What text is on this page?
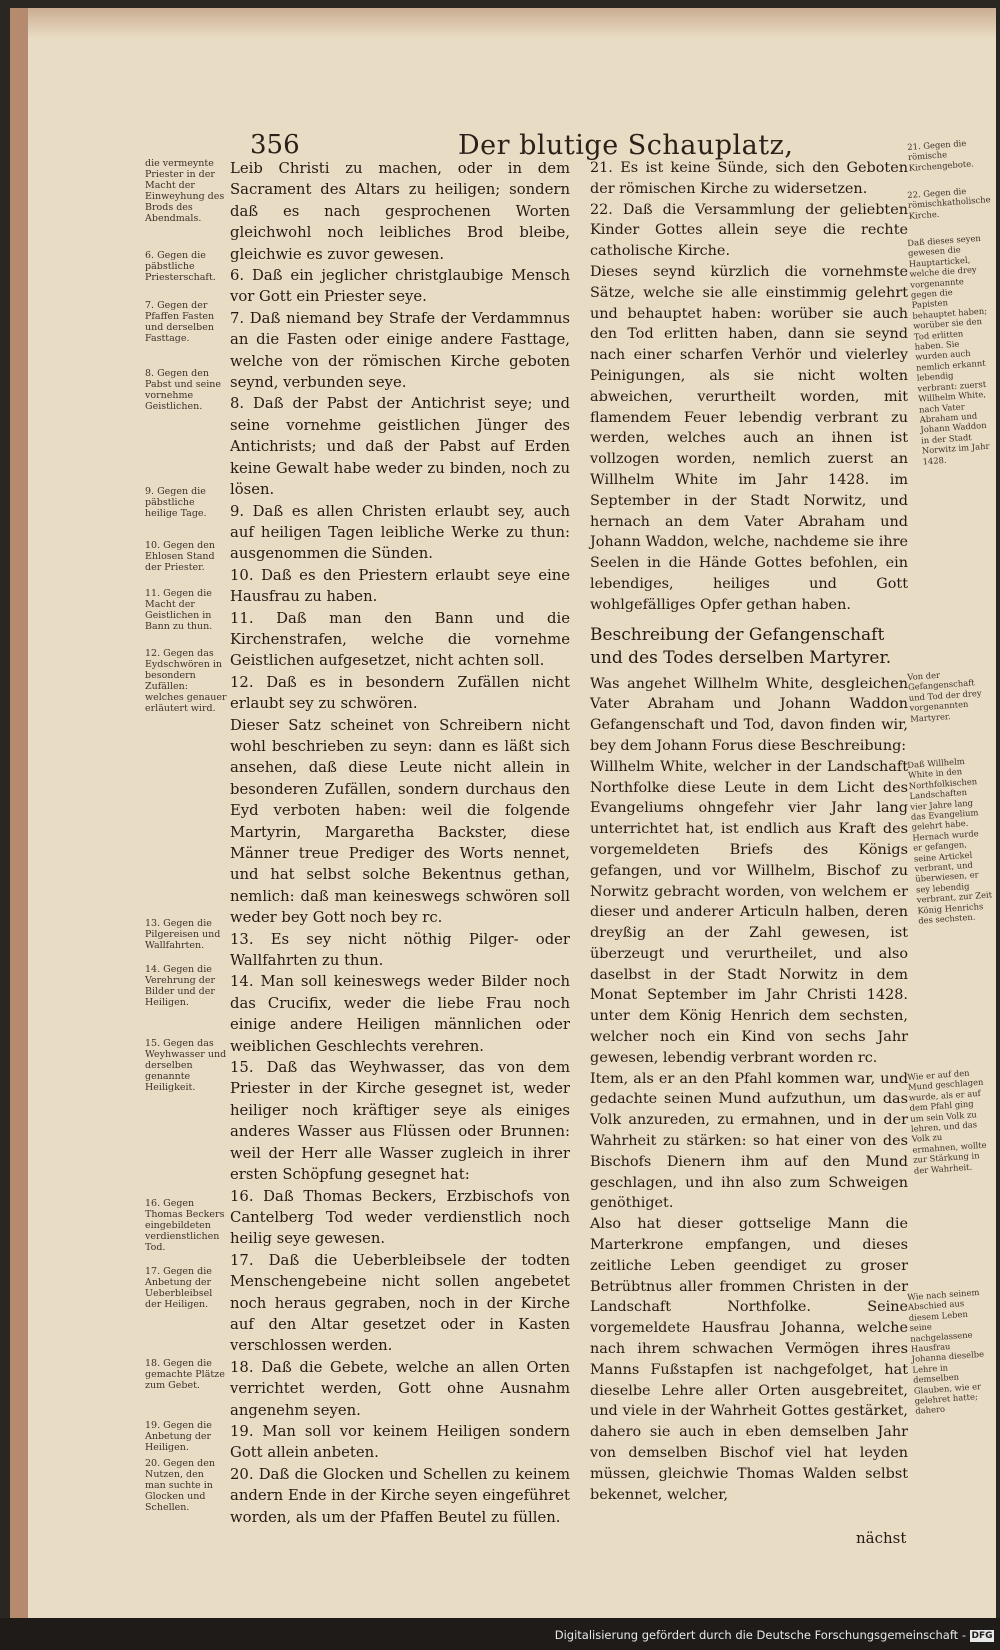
356	Der blutige Schauplatz,
die vermeynte Priester in der Macht der Einweyhung des Brods des Abendmals.
6. Gegen die päbstliche Priesterschaft.
7. Gegen der Pfaffen Fasten und derselben Fasttage.
8. Gegen den Pabst und seine vornehme Geistlichen.
9. Gegen die päbstliche heilige Tage.
10. Gegen den Ehlosen Stand der Priester.
11. Gegen die Macht der Geistlichen in Bann zu thun.
12. Gegen das Eydschwören in besondern Zufällen: welches genauer erläutert wird.
13. Gegen die Pilgereisen und Wallfahrten.
14. Gegen die Verehrung der Bilder und der Heiligen.
15. Gegen das Weyhwasser und derselben genannte Heiligkeit.
16. Gegen Thomas Beckers eingebildeten verdienstlichen Tod.
17. Gegen die Anbetung der Ueberbleibsel der Heiligen.
18. Gegen die gemachte Plätze zum Gebet.
19. Gegen die Anbetung der Heiligen.
20. Gegen den Nutzen, den man suchte in Glocken und Schellen.
21. Gegen die römische Kirchengebote.
22. Gegen die römischkatholische Kirche.
Daß dieses seyen gewesen die Hauptartickel, welche die drey vorgenannte gegen die Papisten behauptet haben; worüber sie den Tod erlitten haben. Sie wurden auch nemlich erkannt lebendig verbrant: zuerst Willhelm White, nach Vater Abraham und Johann Waddon in der Stadt Norwitz im Jahr 1428.
Von der Gefangenschaft und Tod der drey vorgenannten Martyrer.
Daß Willhelm White in den Northfolkischen Landschaften vier Jahre lang das Evangelium gelehrt habe. Hernach wurde er gefangen, seine Artickel verbrant, und überwiesen, er sey lebendig verbrant, zur Zeit König Henrichs des sechsten.
Wie er auf den Mund geschlagen wurde, als er auf dem Pfahl ging um sein Volk zu lehren, und das Volk zu ermahnen, wollte zur Stärkung in der Wahrheit.
Wie nach seinem Abschied aus diesem Leben seine nachgelassene Hausfrau Johanna dieselbe Lehre in demselben Glauben, wie er gelehret hatte; dahero

Leib Christi zu machen, oder in dem Sacrament des Altars zu heiligen; sondern daß es nach gesprochenen Worten gleichwohl noch leibliches Brod bleibe, gleichwie es zuvor gewesen.

6. Daß ein jeglicher christglaubige Mensch vor Gott ein Priester seye.

7. Daß niemand bey Strafe der Verdammnus an die Fasten oder einige andere Fasttage, welche von der römischen Kirche geboten seynd, verbunden seye.

8. Daß der Pabst der Antichrist seye; und seine vornehme geistlichen Jünger des Antichrists; und daß der Pabst auf Erden keine Gewalt habe weder zu binden, noch zu lösen.

9. Daß es allen Christen erlaubt sey, auch auf heiligen Tagen leibliche Werke zu thun: ausgenommen die Sünden.

10. Daß es den Priestern erlaubt seye eine Hausfrau zu haben.

11. Daß man den Bann und die Kirchenstrafen, welche die vornehme Geistlichen aufgesetzet, nicht achten soll.

12. Daß es in besondern Zufällen nicht erlaubt sey zu schwören.

Dieser Satz scheinet von Schreibern nicht wohl beschrieben zu seyn: dann es läßt sich ansehen, daß diese Leute nicht allein in besonderen Zufällen, sondern durchaus den Eyd verboten haben: weil die folgende Martyrin, Margaretha Backster, diese Männer treue Prediger des Worts nennet, und hat selbst solche Bekentnus gethan, nemlich: daß man keineswegs schwören soll weder bey Gott noch bey rc.

13. Es sey nicht nöthig Pilger- oder Wallfahrten zu thun.

14. Man soll keineswegs weder Bilder noch das Crucifix, weder die liebe Frau noch einige andere Heiligen männlichen oder weiblichen Geschlechts verehren.

15. Daß das Weyhwasser, das von dem Priester in der Kirche gesegnet ist, weder heiliger noch kräftiger seye als einiges anderes Wasser aus Flüssen oder Brunnen: weil der Herr alle Wasser zugleich in ihrer ersten Schöpfung gesegnet hat:

16. Daß Thomas Beckers, Erzbischofs von Cantelberg Tod weder verdienstlich noch heilig seye gewesen.

17. Daß die Ueberbleibsele der todten Menschengebeine nicht sollen angebetet noch heraus gegraben, noch in der Kirche auf den Altar gesetzet oder in Kasten verschlossen werden.

18. Daß die Gebete, welche an allen Orten verrichtet werden, Gott ohne Ausnahm angenehm seyen.

19. Man soll vor keinem Heiligen sondern Gott allein anbeten.

20. Daß die Glocken und Schellen zu keinem andern Ende in der Kirche seyen eingeführet worden, als um der Pfaffen Beutel zu füllen.

21. Es ist keine Sünde, sich den Geboten der römischen Kirche zu widersetzen.

22. Daß die Versammlung der geliebten Kinder Gottes allein seye die rechte catholische Kirche.

Dieses seynd kürzlich die vornehmste Sätze, welche sie alle einstimmig gelehrt und behauptet haben: worüber sie auch den Tod erlitten haben, dann sie seynd nach einer scharfen Verhör und vielerley Peinigungen, als sie nicht wolten abweichen, verurtheilt worden, mit flamendem Feuer lebendig verbrant zu werden, welches auch an ihnen ist vollzogen worden, nemlich zuerst an Willhelm White im Jahr 1428. im September in der Stadt Norwitz, und hernach an dem Vater Abraham und Johann Waddon, welche, nachdeme sie ihre Seelen in die Hände Gottes befohlen, ein lebendiges, heiliges und Gott wohlgefälliges Opfer gethan haben.

Beschreibung der Gefangenschaft und des Todes derselben Martyrer.

Was angehet Willhelm White, desgleichen Vater Abraham und Johann Waddon Gefangenschaft und Tod, davon finden wir, bey dem Johann Forus diese Beschreibung:

Willhelm White, welcher in der Landschaft Northfolke diese Leute in dem Licht des Evangeliums ohngefehr vier Jahr lang unterrichtet hat, ist endlich aus Kraft des vorgemeldeten Briefs des Königs gefangen, und vor Willhelm, Bischof zu Norwitz gebracht worden, von welchem er dieser und anderer Articuln halben, deren dreyßig an der Zahl gewesen, ist überzeugt und verurtheilet, und also daselbst in der Stadt Norwitz in dem Monat September im Jahr Christi 1428. unter dem König Henrich dem sechsten, welcher noch ein Kind von sechs Jahr gewesen, lebendig verbrant worden rc.

Item, als er an den Pfahl kommen war, und gedachte seinen Mund aufzuthun, um das Volk anzureden, zu ermahnen, und in der Wahrheit zu stärken: so hat einer von des Bischofs Dienern ihm auf den Mund geschlagen, und ihn also zum Schweigen genöthiget.

Also hat dieser gottselige Mann die Marterkrone empfangen, und dieses zeitliche Leben geendiget zu groser Betrübtnus aller frommen Christen in der Landschaft Northfolke. Seine vorgemeldete Hausfrau Johanna, welche nach ihrem schwachen Vermögen ihres Manns Fußstapfen ist nachgefolget, hat dieselbe Lehre aller Orten ausgebreitet, und viele in der Wahrheit Gottes gestärket, dahero sie auch in eben demselben Jahr von demselben Bischof viel hat leyden müssen, gleichwie Thomas Walden selbst bekennet, welcher,

nächst
Digitalisierung gefördert durch die Deutsche Forschungsgemeinschaft - DFG
